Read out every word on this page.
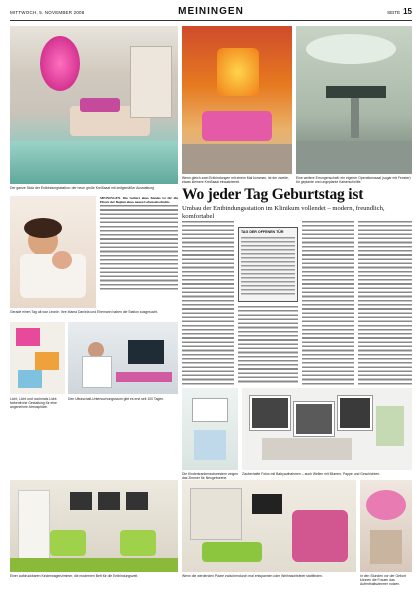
MITTWOCH, 5. NOVEMBER 2008	MEININGEN	SEITE 15
Der ganze Stolz der Entbindungsstation: der neue große Kreißsaal mit zeitgemäßer Ausstattung
Wenn gleich zwei Entbindungen mit einem Mal kommen, ist der zweite, etwas kleinere Kreißsaal einsatzbereit.
Eine weitere Errungenschaft: ein eigener Operationssaal (sogar mit Fenster) für geplante und ungeplante Kaiserschnitte.
Wo jeder Tag Geburtstag ist
Umbau der Entbindungsstation im Klinikum vollendet – modern, freundlich, komfortabel
MEININGEN. Die Geburt eines Kindes ist für die Eltern der Beginn eines neuen Lebensabschnitts.
Gerade einen Tag alt war Leonie. Ihre Mama Daniela und Ehemann haben die Station ausgesucht.
TAG DER OFFENEN TÜR
Licht, Licht und nochmals Licht: farbenfrohe Gestaltung für eine angenehme Atmosphäre.
Den Ultraschall-Untersuchungsraum gibt es erst seit 100 Tagen.
Die Kinderkrankenschwestern zeigen das Zimmer für Neugeborene.
Zauberhafte Fotos mit Babyaufnahmen – auch Wellen mit Blumen, Pappe und Geschichten.
Einer aufdruckbaren Kinderwagenzimmer, die modernen Bett für die Entbindungszeit.	Wenn die werdenden Paare zwischendurch mal entspannen oder Weihnachtsfeier stattfinden.	In den Stunden vor der Geburt können die Frauen das Aufenthaltszimmer nutzen.
